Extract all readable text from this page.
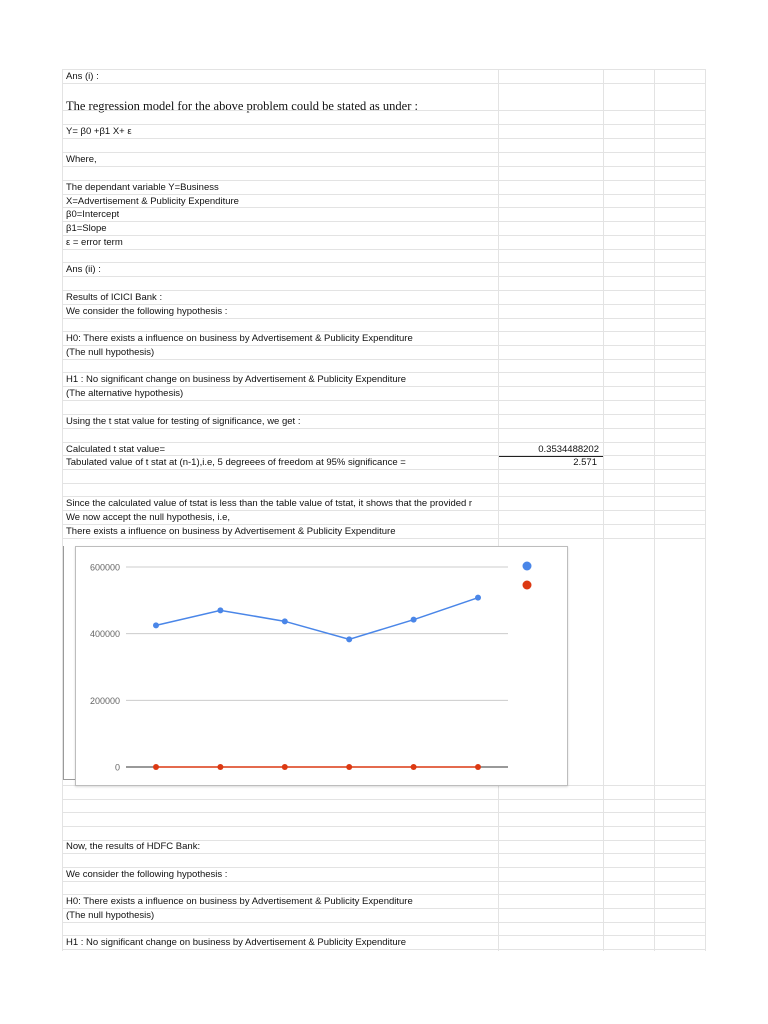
Ans (i) :
The regression model for the above problem could be stated as under :
Y= β0 +β1 X+ ε
Where,
The dependant variable Y=Business
X=Advertisement & Publicity Expenditure
β0=Intercept
β1=Slope
ε = error term
Ans (ii) :
Results of ICICI Bank :
We consider the following hypothesis :
H0: There exists a influence on business by Advertisement & Publicity Expenditure
(The null hypothesis)
H1 : No significant change on business by Advertisement & Publicity Expenditure
(The alternative hypothesis)
Using the t stat value for testing of significance, we get :
Calculated t stat value=
Tabulated value of t stat at (n-1),i.e, 5 degreees of freedom at 95% significance =
Since the calculated value of tstat is less than the table value of tstat, it shows that the provided r
We now accept the null hypothesis, i.e,
There exists a influence on business by Advertisement & Publicity Expenditure
Now, the results of HDFC Bank:
We consider the following hypothesis :
H0: There exists a influence on business by Advertisement & Publicity Expenditure
(The null hypothesis)
H1 : No significant change on business by Advertisement & Publicity Expenditure
0.3534488202
2.571
600000
400000
200000
0
